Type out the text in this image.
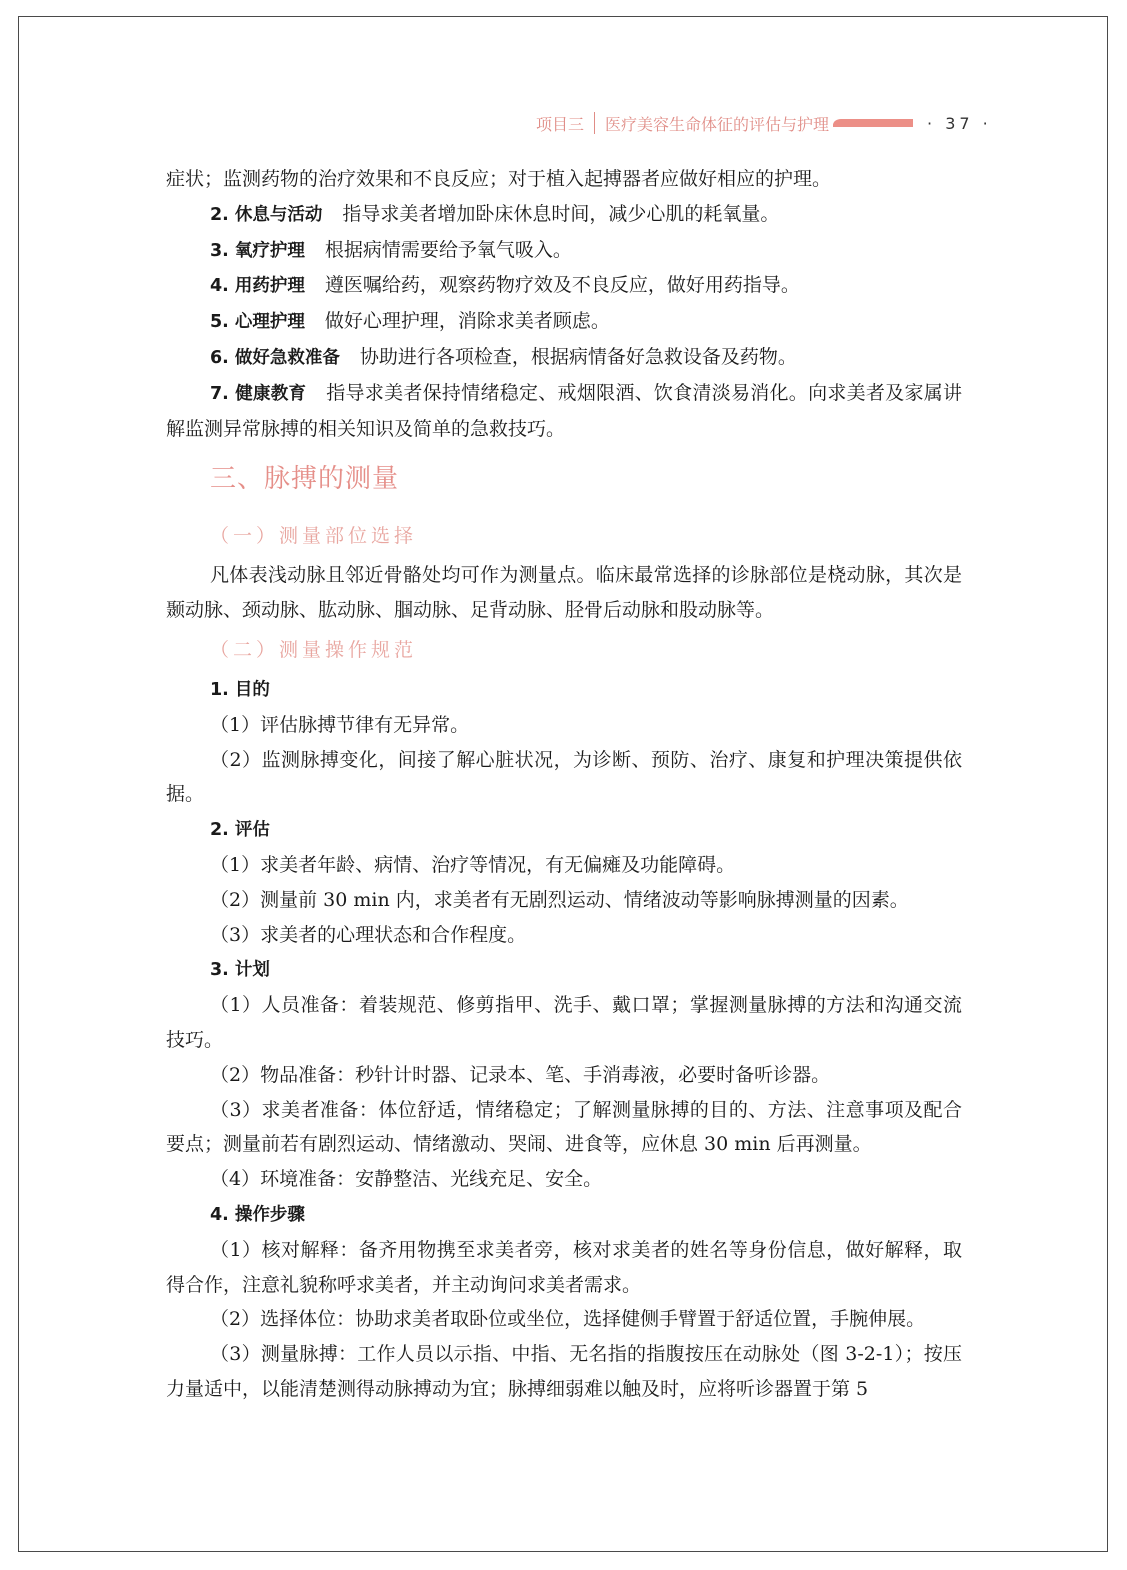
项目三 医疗美容生命体征的评估与护理	· 37 ·

症状；监测药物的治疗效果和不良反应；对于植入起搏器者应做好相应的护理。

2. 休息与活动 指导求美者增加卧床休息时间，减少心肌的耗氧量。

3. 氧疗护理 根据病情需要给予氧气吸入。

4. 用药护理 遵医嘱给药，观察药物疗效及不良反应，做好用药指导。

5. 心理护理 做好心理护理，消除求美者顾虑。

6. 做好急救准备 协助进行各项检查，根据病情备好急救设备及药物。

7. 健康教育 指导求美者保持情绪稳定、戒烟限酒、饮食清淡易消化。向求美者及家属讲解监测异常脉搏的相关知识及简单的急救技巧。

三、脉搏的测量
（一）测量部位选择

凡体表浅动脉且邻近骨骼处均可作为测量点。临床最常选择的诊脉部位是桡动脉，其次是颞动脉、颈动脉、肱动脉、腘动脉、足背动脉、胫骨后动脉和股动脉等。

（二）测量操作规范

1. 目的

（1）评估脉搏节律有无异常。

（2）监测脉搏变化，间接了解心脏状况，为诊断、预防、治疗、康复和护理决策提供依据。

2. 评估

（1）求美者年龄、病情、治疗等情况，有无偏瘫及功能障碍。

（2）测量前 30 min 内，求美者有无剧烈运动、情绪波动等影响脉搏测量的因素。

（3）求美者的心理状态和合作程度。

3. 计划

（1）人员准备：着装规范、修剪指甲、洗手、戴口罩；掌握测量脉搏的方法和沟通交流技巧。

（2）物品准备：秒针计时器、记录本、笔、手消毒液，必要时备听诊器。

（3）求美者准备：体位舒适，情绪稳定；了解测量脉搏的目的、方法、注意事项及配合要点；测量前若有剧烈运动、情绪激动、哭闹、进食等，应休息 30 min 后再测量。

（4）环境准备：安静整洁、光线充足、安全。

4. 操作步骤

（1）核对解释：备齐用物携至求美者旁，核对求美者的姓名等身份信息，做好解释，取得合作，注意礼貌称呼求美者，并主动询问求美者需求。

（2）选择体位：协助求美者取卧位或坐位，选择健侧手臂置于舒适位置，手腕伸展。

（3）测量脉搏：工作人员以示指、中指、无名指的指腹按压在动脉处（图 3-2-1）；按压力量适中，以能清楚测得动脉搏动为宜；脉搏细弱难以触及时，应将听诊器置于第 5
